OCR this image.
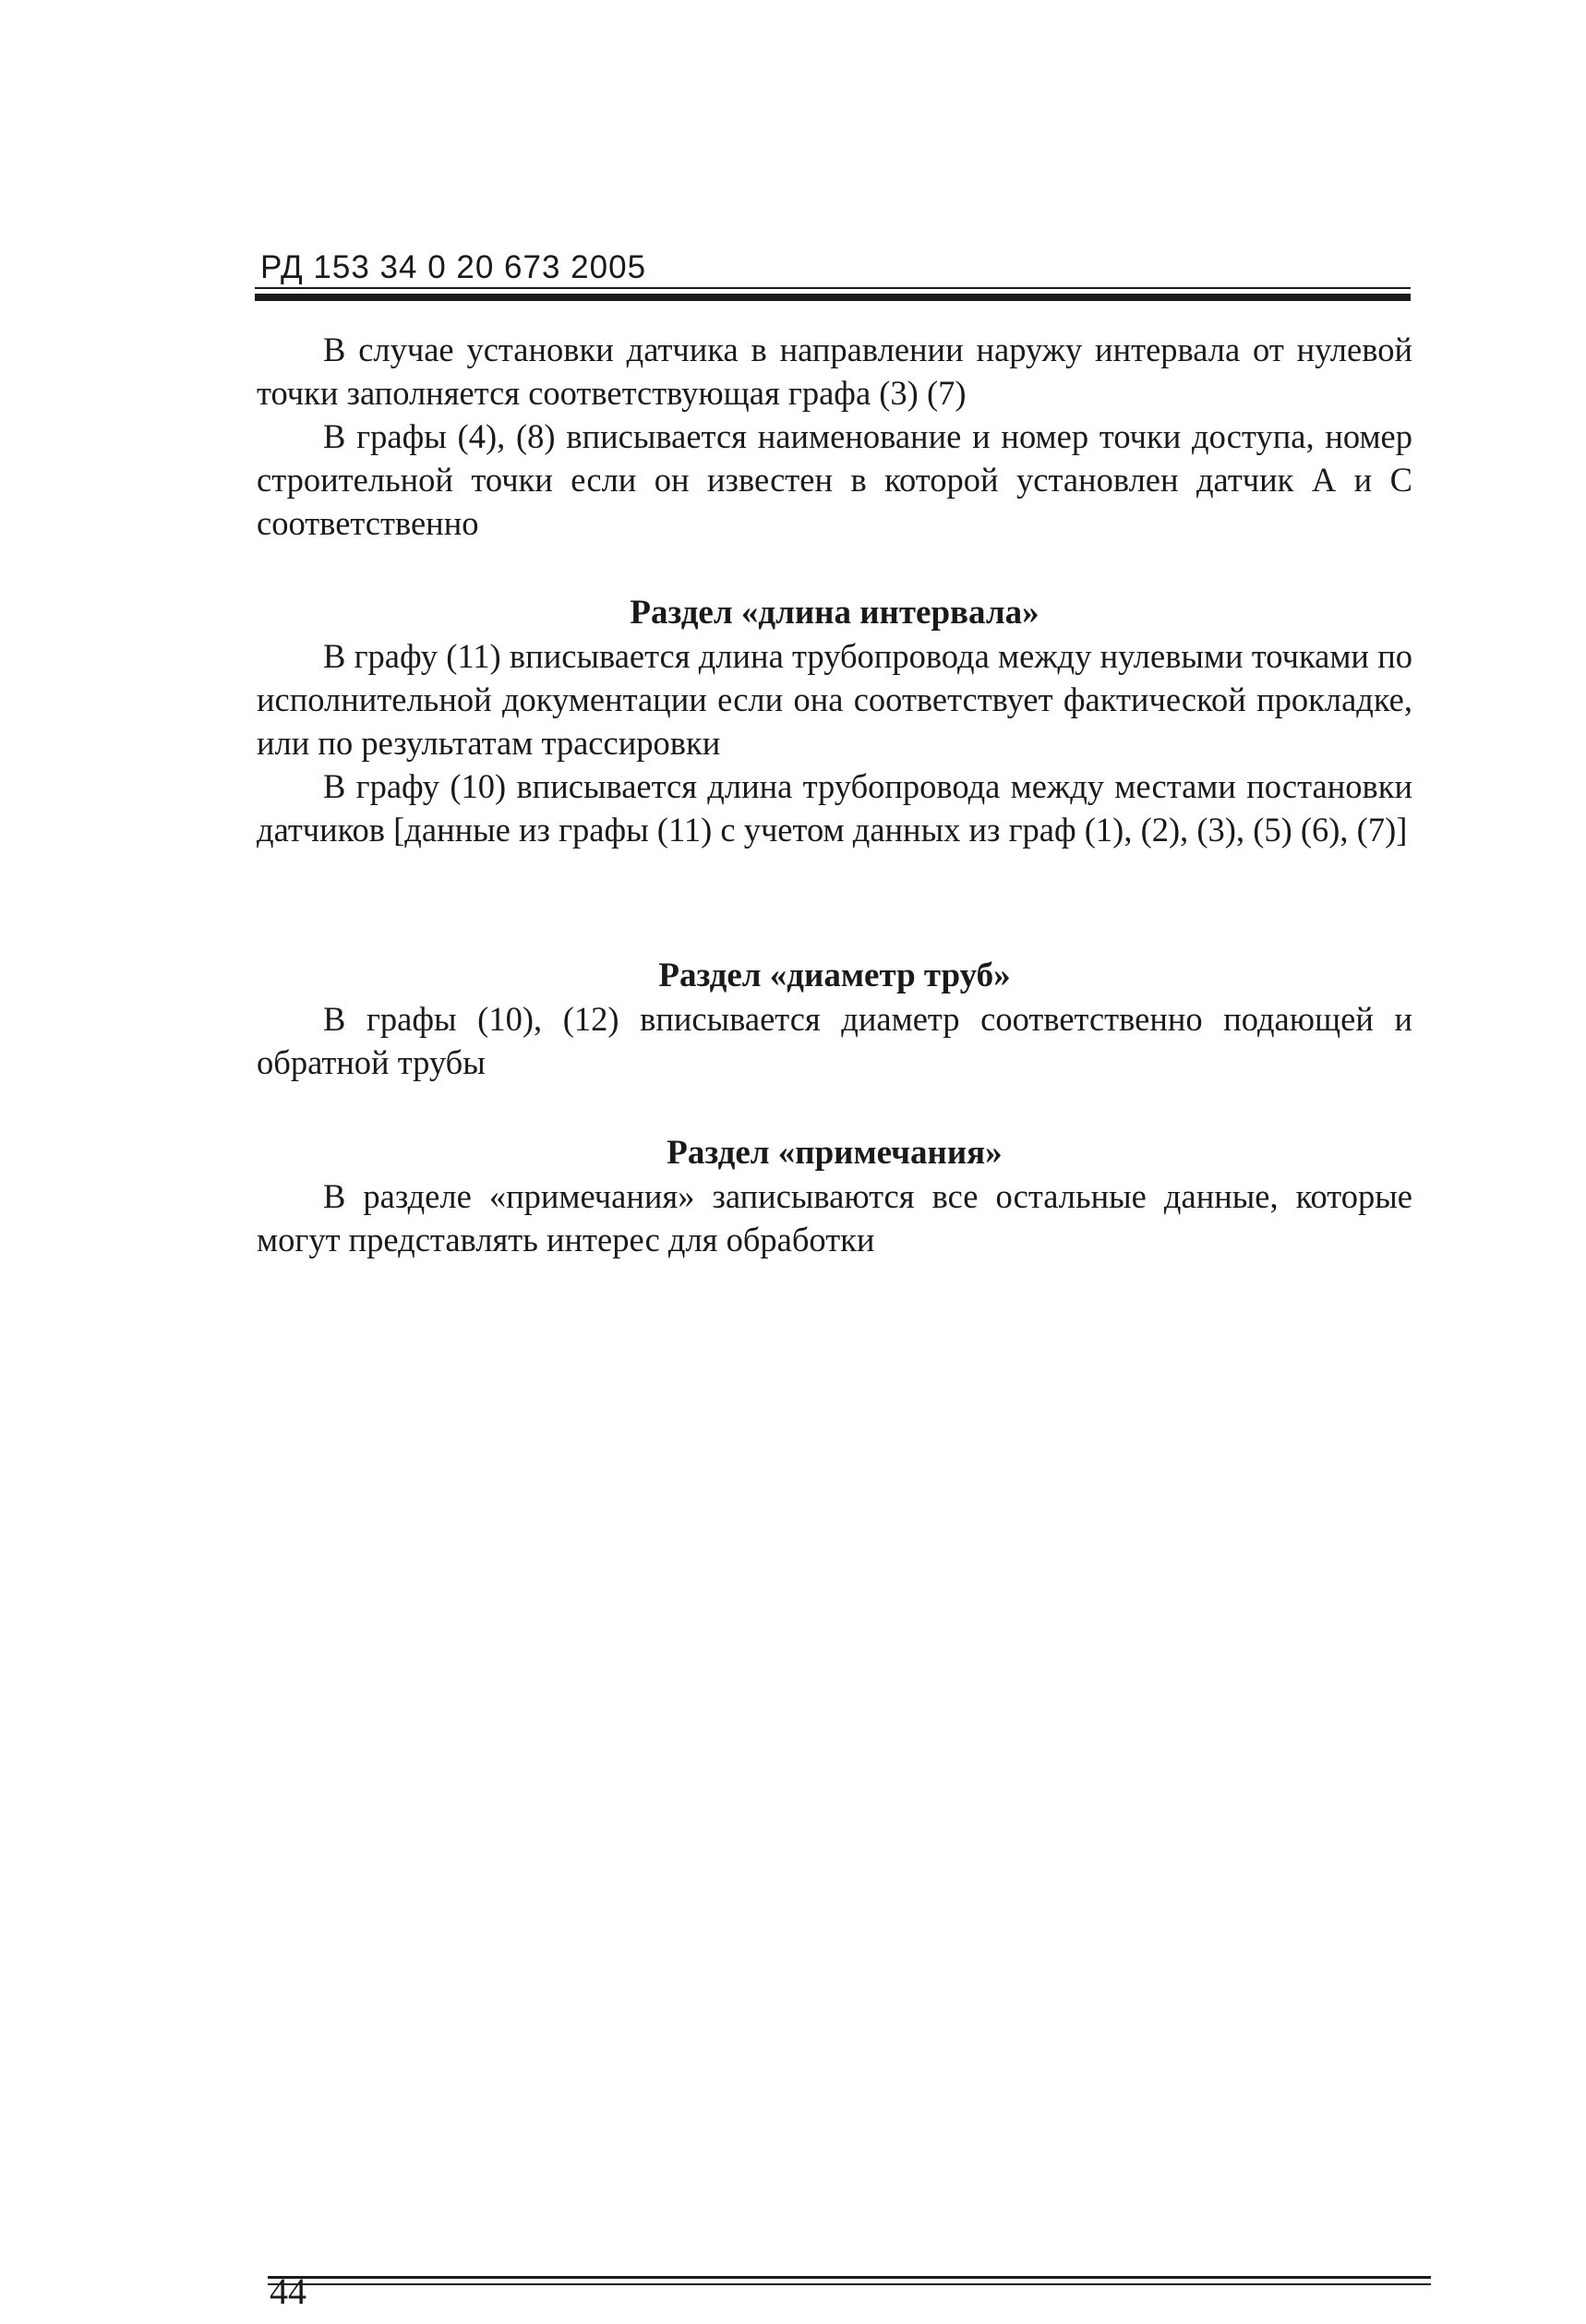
РД 153 34 0 20 673 2005

В случае установки датчика в направлении наружу интервала от нулевой точки заполняется соответствующая графа (3) (7)

В графы (4), (8) вписывается наименование и номер точки доступа, номер строительной точки если он известен в которой установлен датчик А и С соответственно

Раздел «длина интервала»

В графу (11) вписывается длина трубопровода между нулевыми точками по исполнительной документации если она соответствует фактической прокладке, или по результатам трассировки

В графу (10) вписывается длина трубопровода между местами постановки датчиков [данные из графы (11) с учетом данных из граф (1), (2), (3), (5) (6), (7)]

Раздел «диаметр труб»

В графы (10), (12) вписывается диаметр соответственно подающей и обратной трубы

Раздел «примечания»

В разделе «примечания» записываются все остальные данные, которые могут представлять интерес для обработки

44
